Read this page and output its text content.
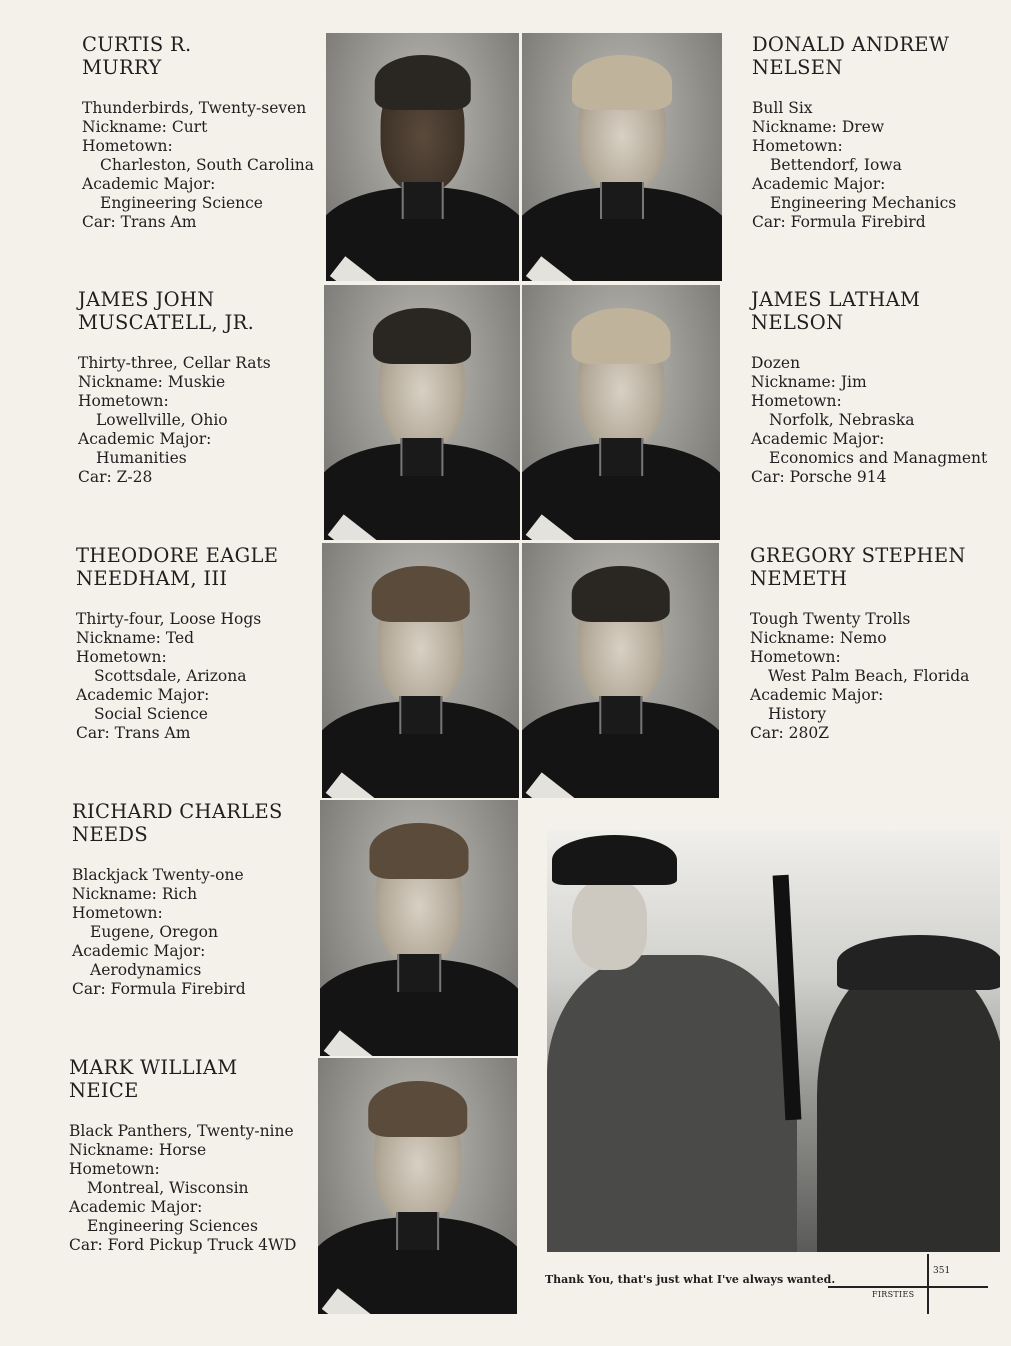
CURTIS R.
MURRY
Thunderbirds, Twenty-seven
Nickname: Curt
Hometown:
Charleston, South Carolina
Academic Major:
Engineering Science
Car: Trans Am
DONALD ANDREW
NELSEN
Bull Six
Nickname: Drew
Hometown:
Bettendorf, Iowa
Academic Major:
Engineering Mechanics
Car: Formula Firebird
JAMES JOHN
MUSCATELL, JR.
Thirty-three, Cellar Rats
Nickname: Muskie
Hometown:
Lowellville, Ohio
Academic Major:
Humanities
Car: Z-28
JAMES LATHAM
NELSON
Dozen
Nickname: Jim
Hometown:
Norfolk, Nebraska
Academic Major:
Economics and Managment
Car: Porsche 914
THEODORE EAGLE
NEEDHAM, III
Thirty-four, Loose Hogs
Nickname: Ted
Hometown:
Scottsdale, Arizona
Academic Major:
Social Science
Car: Trans Am
GREGORY STEPHEN
NEMETH
Tough Twenty Trolls
Nickname: Nemo
Hometown:
West Palm Beach, Florida
Academic Major:
History
Car: 280Z
RICHARD CHARLES
NEEDS
Blackjack Twenty-one
Nickname: Rich
Hometown:
Eugene, Oregon
Academic Major:
Aerodynamics
Car: Formula Firebird
MARK WILLIAM
NEICE
Black Panthers, Twenty-nine
Nickname: Horse
Hometown:
Montreal, Wisconsin
Academic Major:
Engineering Sciences
Car: Ford Pickup Truck 4WD
Thank You, that's just what I've always wanted.
351
FIRSTIES
